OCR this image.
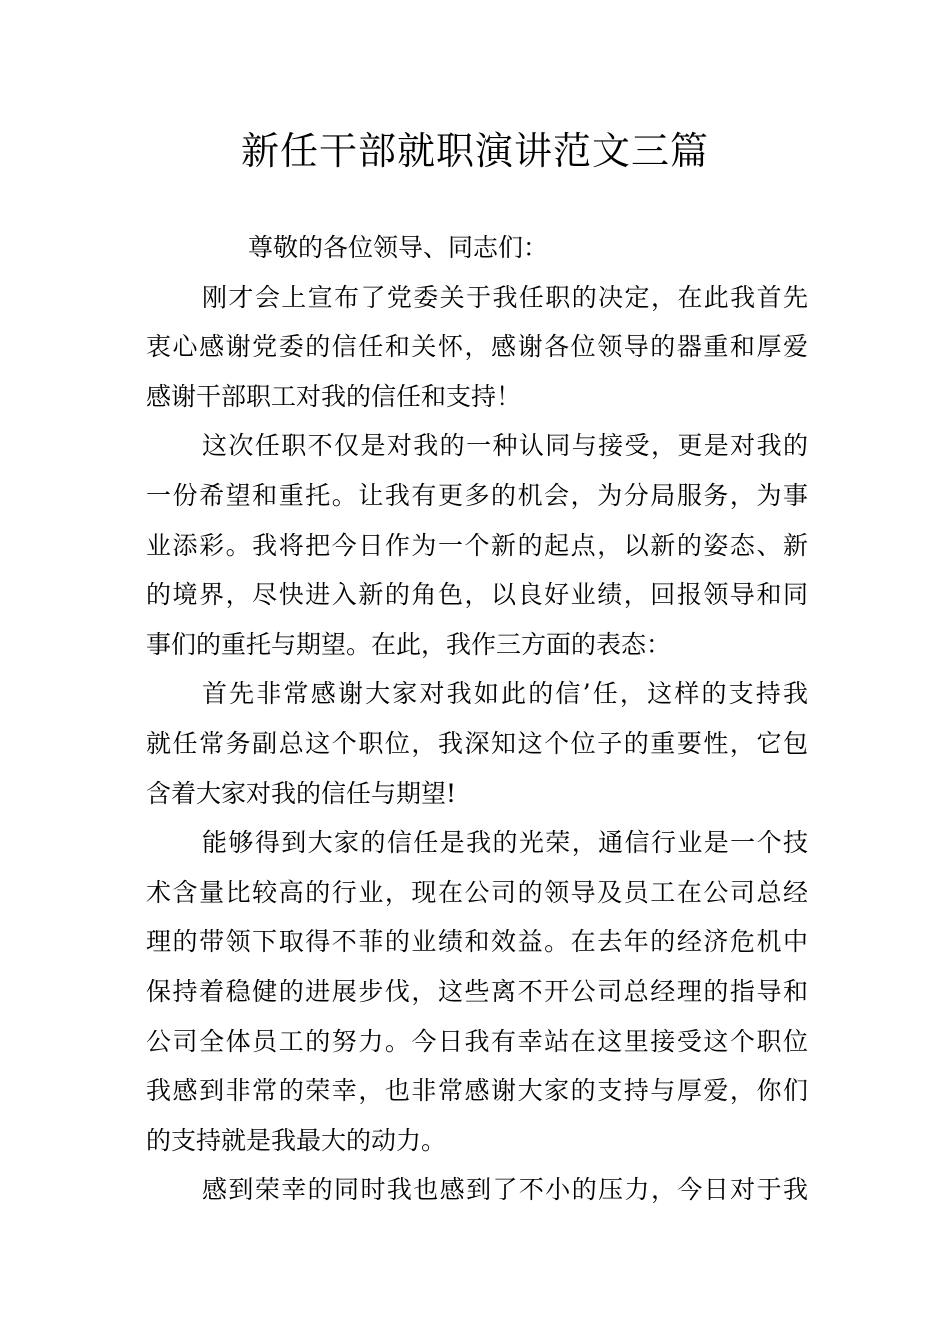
新任干部就职演讲范文三篇
尊敬的各位领导、同志们：
刚才会上宣布了党委关于我任职的决定，在此我首先
衷心感谢党委的信任和关怀，感谢各位领导的器重和厚爱
感谢干部职工对我的信任和支持！
这次任职不仅是对我的一种认同与接受，更是对我的
一份希望和重托。让我有更多的机会，为分局服务，为事
业添彩。我将把今日作为一个新的起点，以新的姿态、新
的境界，尽快进入新的角色，以良好业绩，回报领导和同
事们的重托与期望。在此，我作三方面的表态：
首先非常感谢大家对我如此的信’任，这样的支持我
就任常务副总这个职位，我深知这个位子的重要性，它包
含着大家对我的信任与期望!
能够得到大家的信任是我的光荣，通信行业是一个技
术含量比较高的行业，现在公司的领导及员工在公司总经
理的带领下取得不菲的业绩和效益。在去年的经济危机中
保持着稳健的进展步伐，这些离不开公司总经理的指导和
公司全体员工的努力。今日我有幸站在这里接受这个职位
我感到非常的荣幸，也非常感谢大家的支持与厚爱，你们
的支持就是我最大的动力。
感到荣幸的同时我也感到了不小的压力，今日对于我
